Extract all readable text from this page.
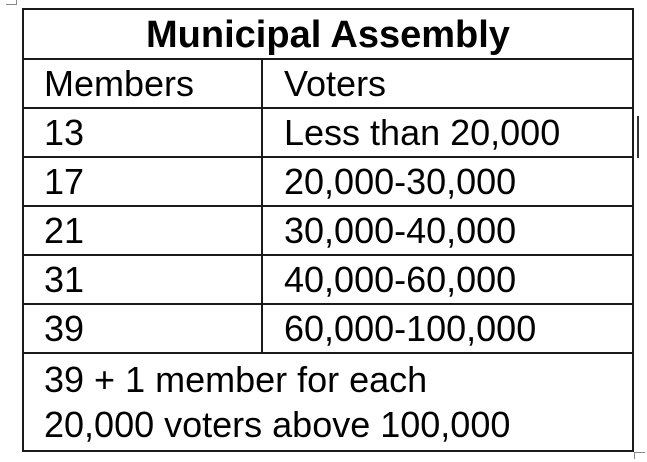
Municipal Assembly
Members	Voters
13	Less than 20,000
17	20,000-30,000
21	30,000-40,000
31	40,000-60,000
39	60,000-100,000
39 + 1 member for each
20,000 voters above 100,000
